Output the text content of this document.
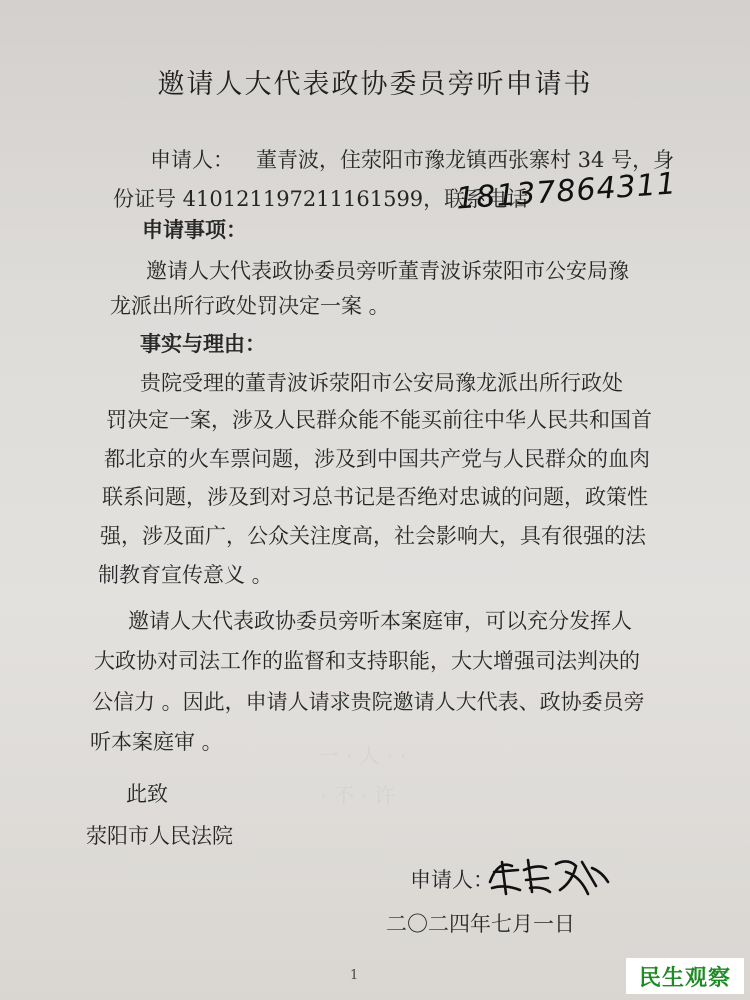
邀请人大代表政协委员旁听申请书
申请人： 董青波，住荥阳市豫龙镇西张寨村 34 号，身
份证号 410121197211161599，联系电话
18137864311
申请事项：
邀请人大代表政协委员旁听董青波诉荥阳市公安局豫
龙派出所行政处罚决定一案 。
事实与理由：
贵院受理的董青波诉荥阳市公安局豫龙派出所行政处
罚决定一案，涉及人民群众能不能买前往中华人民共和国首
都北京的火车票问题，涉及到中国共产党与人民群众的血肉
联系问题，涉及到对习总书记是否绝对忠诚的问题，政策性
强，涉及面广，公众关注度高，社会影响大，具有很强的法
制教育宣传意义 。
邀请人大代表政协委员旁听本案庭审，可以充分发挥人
大政协对司法工作的监督和支持职能，大大增强司法判决的
公信力 。因此，申请人请求贵院邀请人大代表、政协委员旁
听本案庭审 。
一 · 人 · ·
· 不 · 许
此致
荥阳市人民法院
申请人：
二〇二四年七月一日
1	民生观察
